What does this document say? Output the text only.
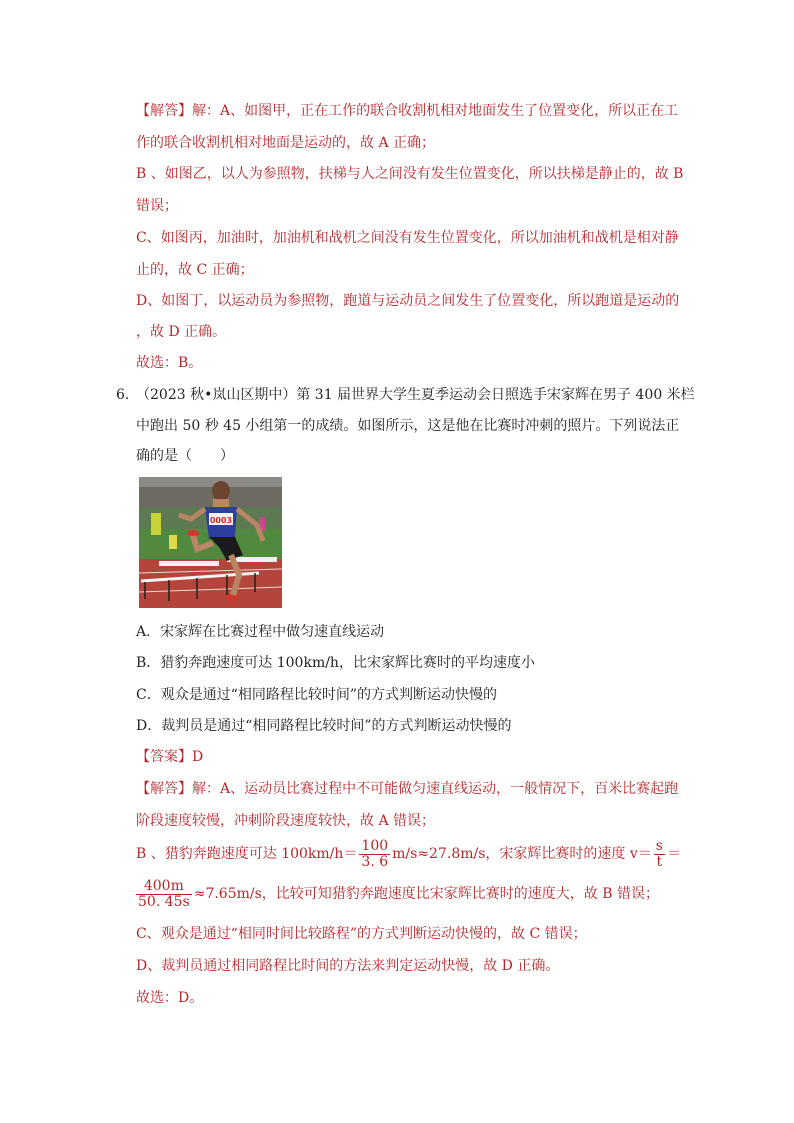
【解答】解：A、如图甲，正在工作的联合收割机相对地面发生了位置变化，所以正在工
作的联合收割机相对地面是运动的，故 A 正确；
B 、如图乙，以人为参照物，扶梯与人之间没有发生位置变化，所以扶梯是静止的，故 B
错误；
C、如图丙，加油时，加油机和战机之间没有发生位置变化，所以加油机和战机是相对静
止的，故 C 正确；
D、如图丁，以运动员为参照物，跑道与运动员之间发生了位置变化，所以跑道是运动的
，故 D 正确。
故选：B。
6．
（2023 秋•岚山区期中）第 31 届世界大学生夏季运动会日照选手宋家辉在男子 400 米栏
中跑出 50 秒 45 小组第一的成绩。如图所示，这是他在比赛时冲刺的照片。下列说法正
确的是（　　）
0003
A．宋家辉在比赛过程中做匀速直线运动
B．猎豹奔跑速度可达 100km/h，比宋家辉比赛时的平均速度小
C．观众是通过“相同路程比较时间”的方式判断运动快慢的
D．裁判员是通过“相同路程比较时间”的方式判断运动快慢的
【答案】D
【解答】解：A、运动员比赛过程中不可能做匀速直线运动，一般情况下，百米比赛起跑
阶段速度较慢，冲刺阶段速度较快，故 A 错误；
B 、猎豹奔跑速度可达 $100km/h= \frac{100}{3. 6} m/s\approx 27.8m/s$，宋家辉比赛时的速度 $v= \frac{s}{t}$ ＝
$\frac{400m}{50. 45s} \approx 7.65m/s$，比较可知猎豹奔跑速度比宋家辉比赛时的速度大，故 B 错误；
C、观众是通过“相同时间比较路程”的方式判断运动快慢的，故 C 错误；
D、裁判员通过相同路程比时间的方法来判定运动快慢，故 D 正确。
故选：D。
